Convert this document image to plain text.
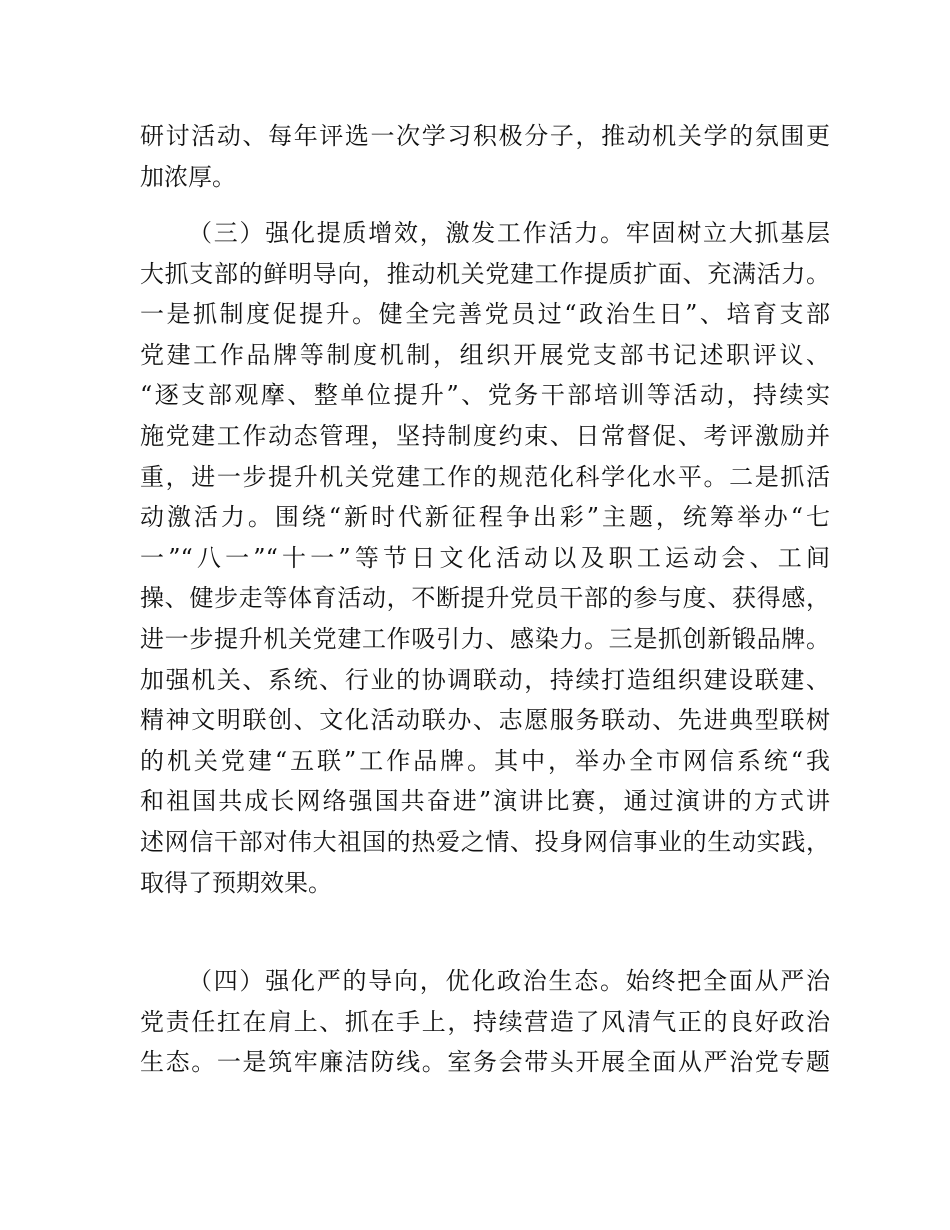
研讨活动、每年评选一次学习积极分子，推动机关学的氛围更
加浓厚。
（三）强化提质增效，激发工作活力。牢固树立大抓基层
大抓支部的鲜明导向，推动机关党建工作提质扩面、充满活力。
一是抓制度促提升。健全完善党员过“政治生日”、培育支部
党建工作品牌等制度机制，组织开展党支部书记述职评议、
“逐支部观摩、整单位提升”、党务干部培训等活动，持续实
施党建工作动态管理，坚持制度约束、日常督促、考评激励并
重，进一步提升机关党建工作的规范化科学化水平。二是抓活
动激活力。围绕“新时代新征程争出彩”主题，统筹举办“七
一”“八一”“十一”等节日文化活动以及职工运动会、工间
操、健步走等体育活动，不断提升党员干部的参与度、获得感，
进一步提升机关党建工作吸引力、感染力。三是抓创新锻品牌。
加强机关、系统、行业的协调联动，持续打造组织建设联建、
精神文明联创、文化活动联办、志愿服务联动、先进典型联树
的机关党建“五联”工作品牌。其中，举办全市网信系统“我
和祖国共成长网络强国共奋进”演讲比赛，通过演讲的方式讲
述网信干部对伟大祖国的热爱之情、投身网信事业的生动实践，
取得了预期效果。
（四）强化严的导向，优化政治生态。始终把全面从严治
党责任扛在肩上、抓在手上，持续营造了风清气正的良好政治
生态。一是筑牢廉洁防线。室务会带头开展全面从严治党专题
